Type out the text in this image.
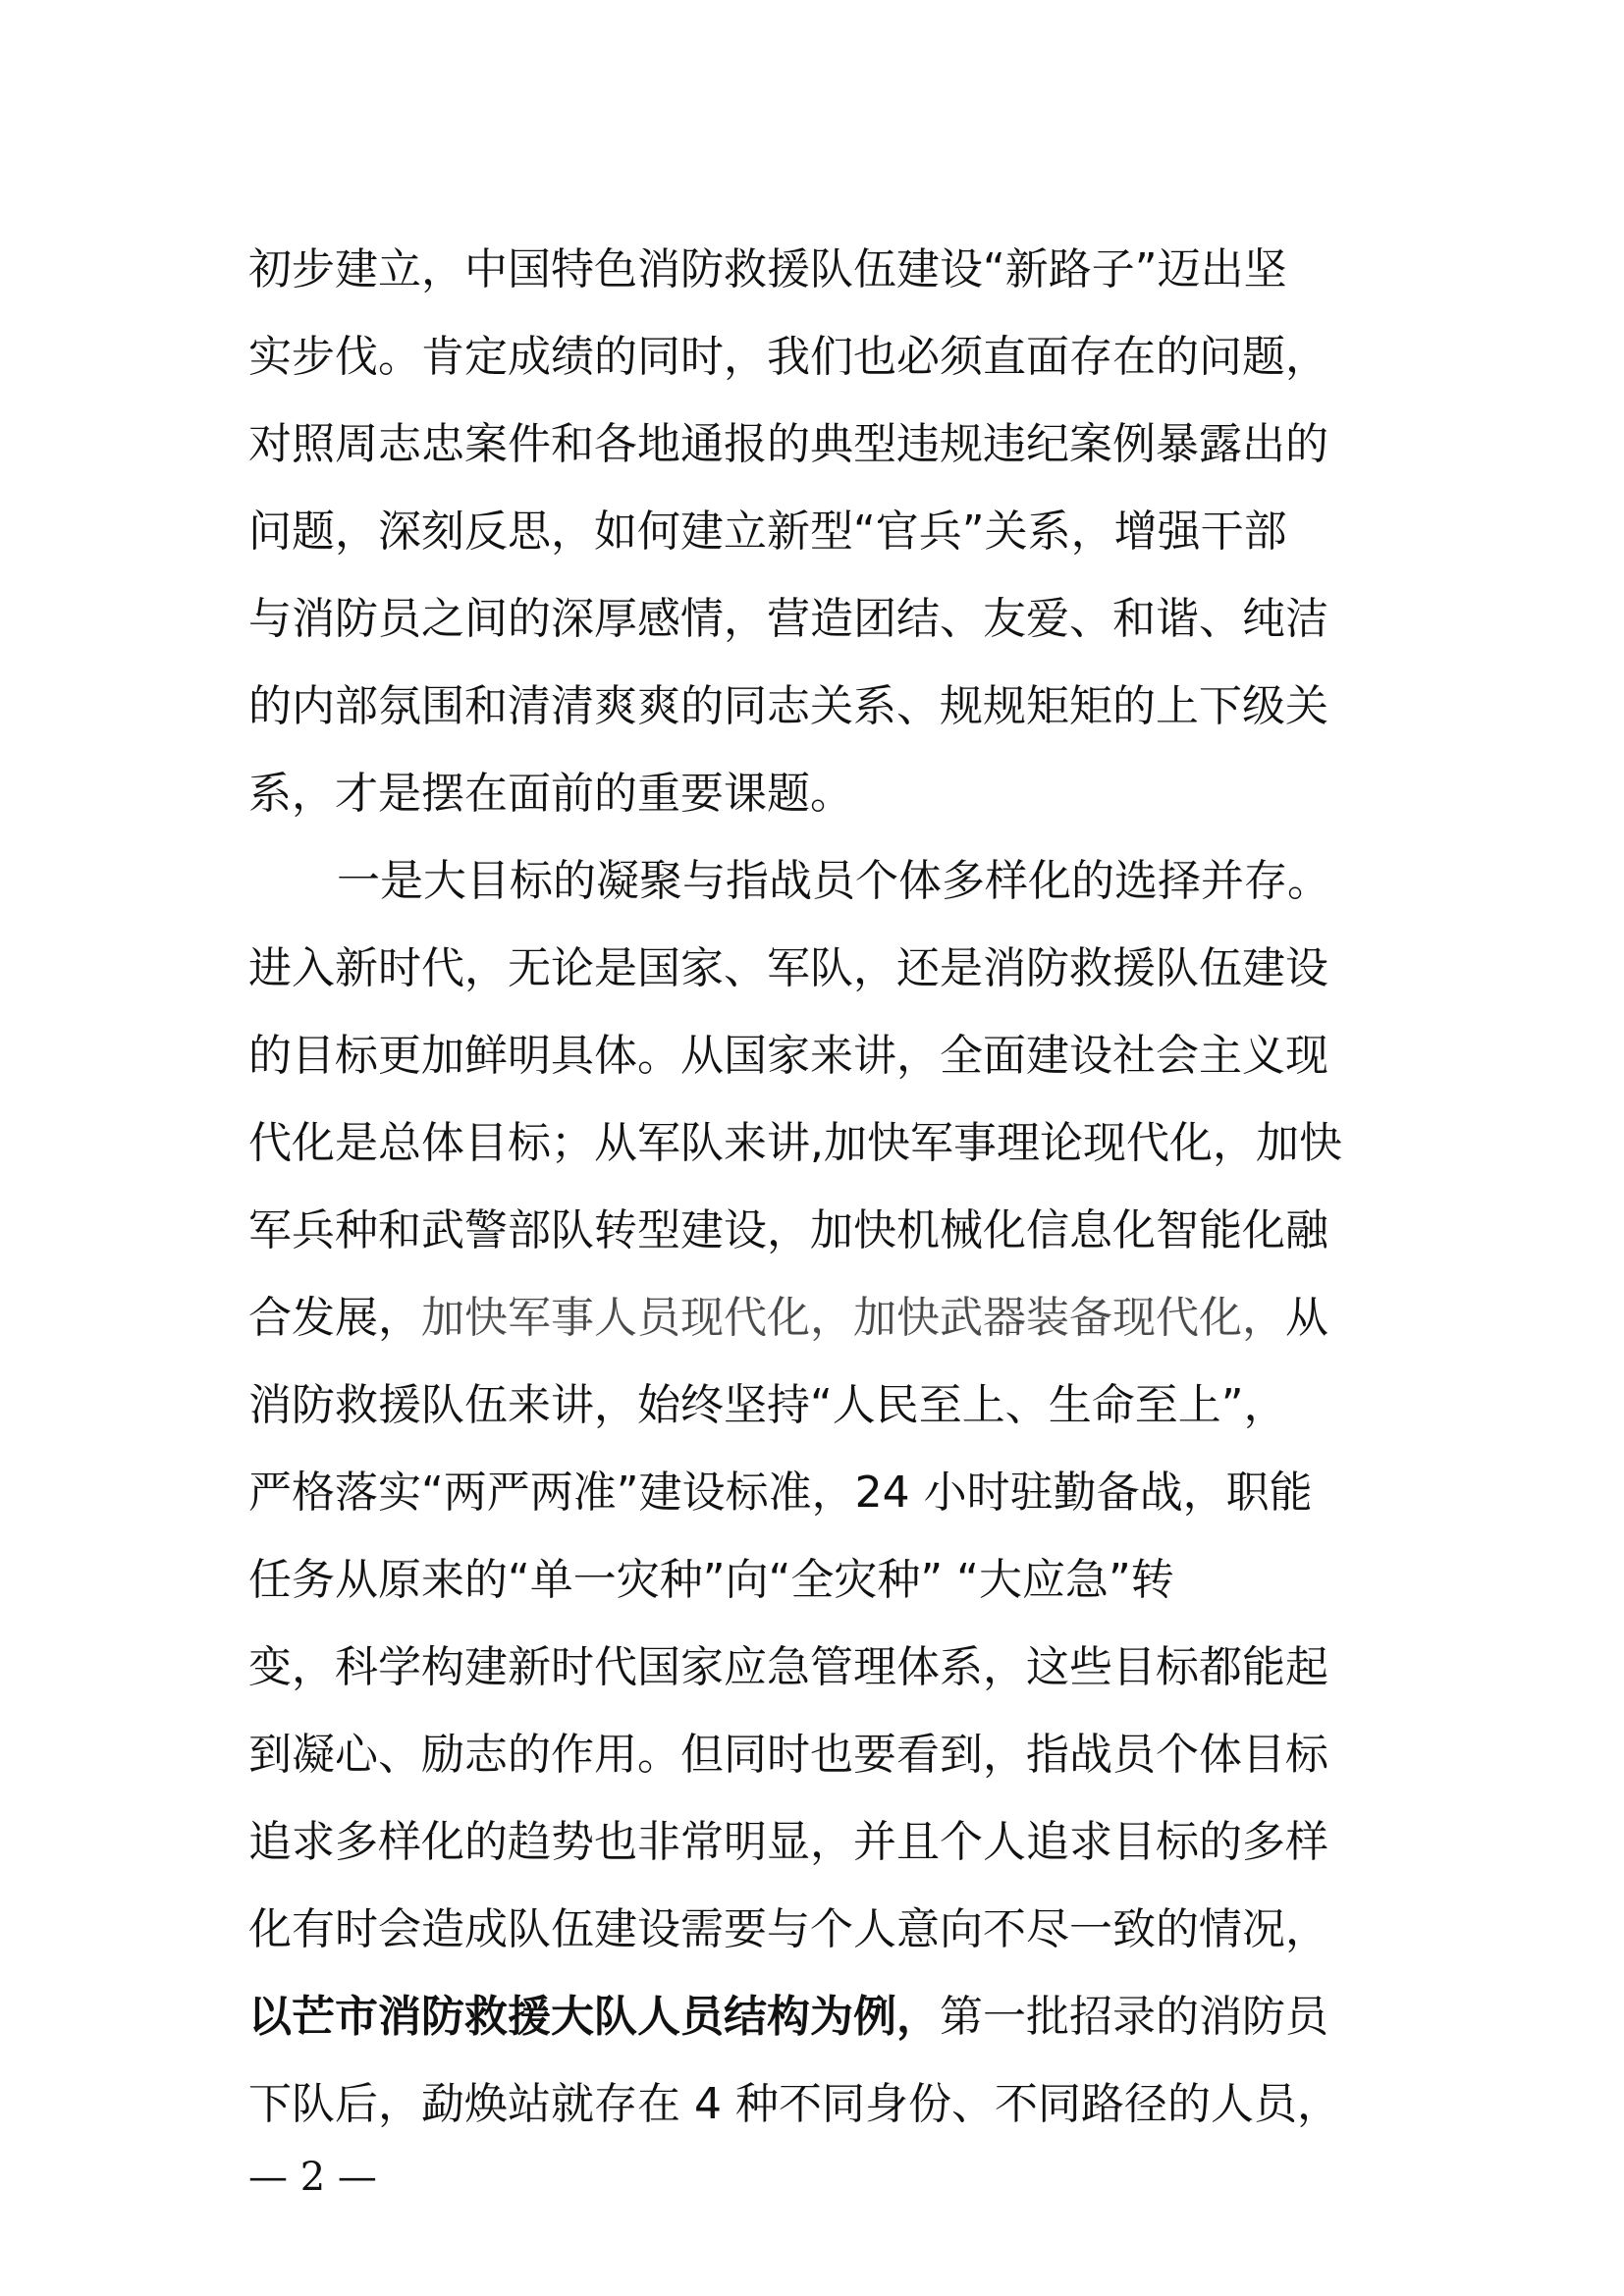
初步建立，中国特色消防救援队伍建设“新路子”迈出坚
实步伐。肯定成绩的同时，我们也必须直面存在的问题，
对照周志忠案件和各地通报的典型违规违纪案例暴露出的
问题，深刻反思，如何建立新型“官兵”关系，增强干部
与消防员之间的深厚感情，营造团结、友爱、和谐、纯洁
的内部氛围和清清爽爽的同志关系、规规矩矩的上下级关
系，才是摆在面前的重要课题。
一是大目标的凝聚与指战员个体多样化的选择并存。
进入新时代，无论是国家、军队，还是消防救援队伍建设
的目标更加鲜明具体。从国家来讲，全面建设社会主义现
代化是总体目标；从军队来讲,加快军事理论现代化，加快
军兵种和武警部队转型建设，加快机械化信息化智能化融
合发展，加快军事人员现代化，加快武器装备现代化，从
消防救援队伍来讲，始终坚持“人民至上、生命至上”，
严格落实“两严两准”建设标准，24 小时驻勤备战，职能
任务从原来的“单一灾种”向“全灾种” “大应急”转
变，科学构建新时代国家应急管理体系，这些目标都能起
到凝心、励志的作用。但同时也要看到，指战员个体目标
追求多样化的趋势也非常明显，并且个人追求目标的多样
化有时会造成队伍建设需要与个人意向不尽一致的情况，
以芒市消防救援大队人员结构为例，第一批招录的消防员
下队后，勐焕站就存在 4 种不同身份、不同路径的人员，
— 2 —
